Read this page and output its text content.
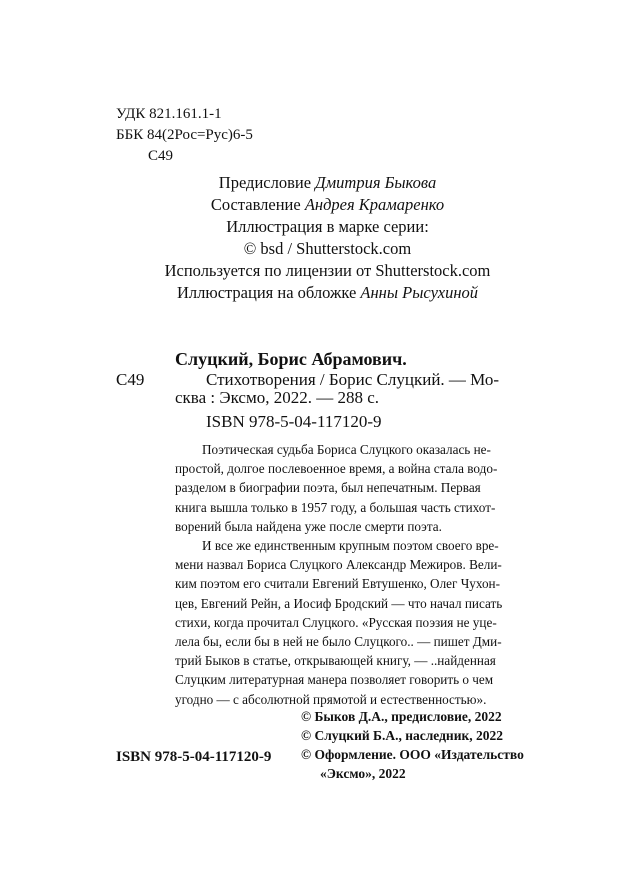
УДК 821.161.1-1
ББК 84(2Рос=Рус)6-5
С49
Предисловие Дмитрия Быкова
Составление Андрея Крамаренко
Иллюстрация в марке серии:
© bsd / Shutterstock.com
Используется по лицензии от Shutterstock.com
Иллюстрация на обложке Анны Рысухиной
Слуцкий, Борис Абрамович.
С49	Стихотворения / Борис Слуцкий. — Мо-
сква : Эксмо, 2022. — 288 с.
ISBN 978-5-04-117120-9

Поэтическая судьба Бориса Слуцкого оказалась не-

простой, долгое послевоенное время, а война стала водо-

разделом в биографии поэта, был непечатным. Первая

книга вышла только в 1957 году, а большая часть стихот-

ворений была найдена уже после смерти поэта.

И все же единственным крупным поэтом своего вре-

мени назвал Бориса Слуцкого Александр Межиров. Вели-

ким поэтом его считали Евгений Евтушенко, Олег Чухон-

цев, Евгений Рейн, а Иосиф Бродский — что начал писать

стихи, когда прочитал Слуцкого. «Русская поэзия не уце-

лела бы, если бы в ней не было Слуцкого.. — пишет Дми-

трий Быков в статье, открывающей книгу, — ..найденная

Слуцким литературная манера позволяет говорить о чем

угодно — с абсолютной прямотой и естественностью».

© Быков Д.А., предисловие, 2022
© Слуцкий Б.А., наследник, 2022
© Оформление. ООО «Издательство
«Эксмо», 2022
ISBN 978-5-04-117120-9
